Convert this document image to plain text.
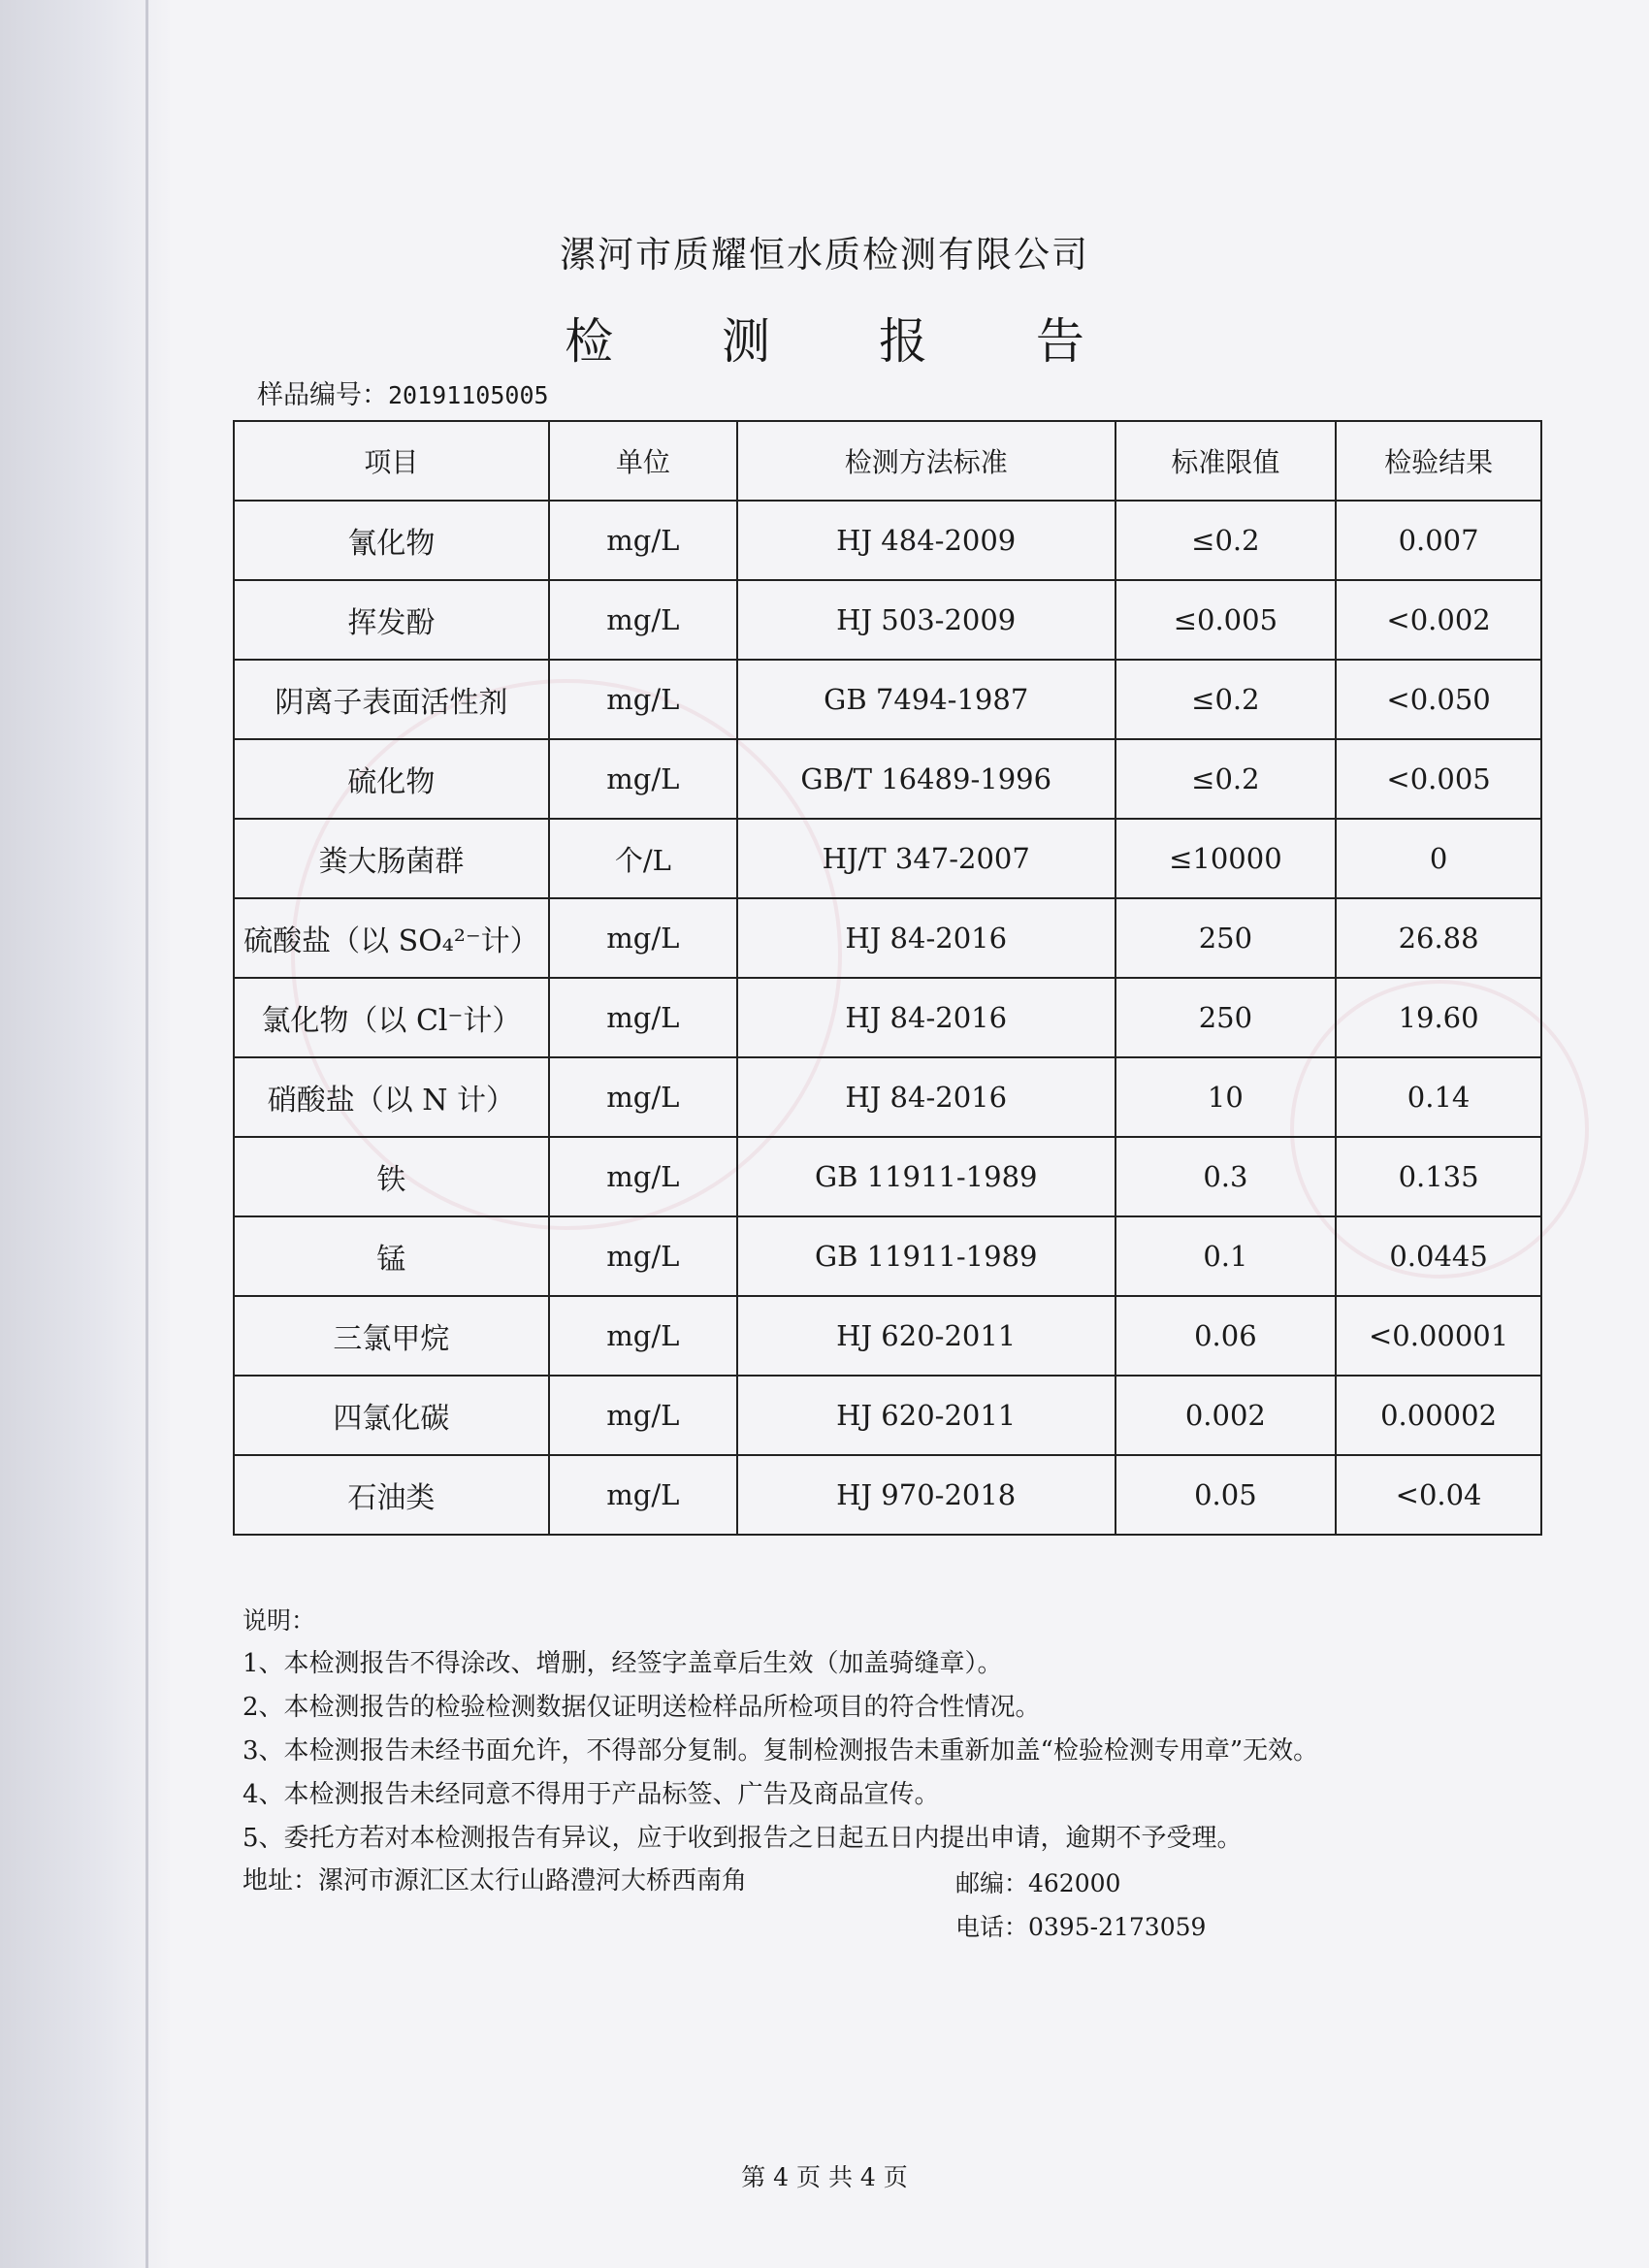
漯河市质耀恒水质检测有限公司
检 测 报 告
样品编号：20191105005
项目	单位	检测方法标准	标准限值	检验结果
氰化物	mg/L	HJ 484-2009	≤0.2	0.007
挥发酚	mg/L	HJ 503-2009	≤0.005	<0.002
阴离子表面活性剂	mg/L	GB 7494-1987	≤0.2	<0.050
硫化物	mg/L	GB/T 16489-1996	≤0.2	<0.005
粪大肠菌群	个/L	HJ/T 347-2007	≤10000	0
硫酸盐（以 SO₄²⁻计）	mg/L	HJ 84-2016	250	26.88
氯化物（以 Cl⁻计）	mg/L	HJ 84-2016	250	19.60
硝酸盐（以 N 计）	mg/L	HJ 84-2016	10	0.14
铁	mg/L	GB 11911-1989	0.3	0.135
锰	mg/L	GB 11911-1989	0.1	0.0445
三氯甲烷	mg/L	HJ 620-2011	0.06	<0.00001
四氯化碳	mg/L	HJ 620-2011	0.002	0.00002
石油类	mg/L	HJ 970-2018	0.05	<0.04
说明：
1、本检测报告不得涂改、增删，经签字盖章后生效（加盖骑缝章）。
2、本检测报告的检验检测数据仅证明送检样品所检项目的符合性情况。
3、本检测报告未经书面允许，不得部分复制。复制检测报告未重新加盖“检验检测专用章”无效。
4、本检测报告未经同意不得用于产品标签、广告及商品宣传。
5、委托方若对本检测报告有异议，应于收到报告之日起五日内提出申请，逾期不予受理。
地址：漯河市源汇区太行山路澧河大桥西南角	邮编：462000
电话：0395-2173059
第 4 页 共 4 页
